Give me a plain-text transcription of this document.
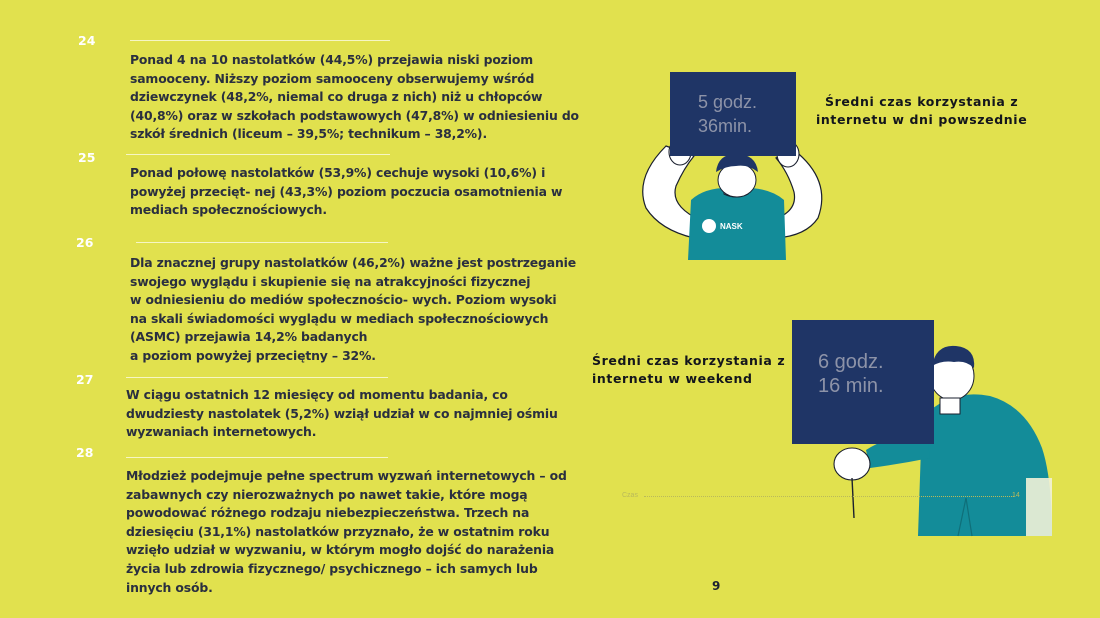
24
Ponad 4 na 10 nastolatków (44,5%) przejawia niski poziom
samooceny. Niższy poziom samooceny obserwujemy wśród
dziewczynek (48,2%, niemal co druga z nich) niż u chłopców
(40,8%) oraz w szkołach podstawowych (47,8%) w odniesieniu do
szkół średnich (liceum – 39,5%; technikum – 38,2%).
25
Ponad połowę nastolatków (53,9%) cechuje wysoki (10,6%) i
powyżej przecięt- nej (43,3%) poziom poczucia osamotnienia w
mediach społecznościowych.
26
Dla znacznej grupy nastolatków (46,2%) ważne jest postrzeganie
swojego wyglądu i skupienie się na atrakcyjności fizycznej
w odniesieniu do mediów społecznościo- wych. Poziom wysoki
na skali świadomości wyglądu w mediach społecznościowych
(ASMC) przejawia 14,2% badanych
a poziom powyżej przeciętny – 32%.
27
W ciągu ostatnich 12 miesięcy od momentu badania, co
dwudziesty nastolatek (5,2%) wziął udział w co najmniej ośmiu
wyzwaniach internetowych.
28
Młodzież podejmuje pełne spectrum wyzwań internetowych – od
zabawnych czy nierozważnych po nawet takie, które mogą
powodować różnego rodzaju niebezpieczeństwa. Trzech na
dziesięciu (31,1%) nastolatków przyznało, że w ostatnim roku
wzięło udział w wyzwaniu, w którym mogło dojść do narażenia
życia lub zdrowia fizycznego/ psychicznego – ich samych lub
innych osób.
NASK
5 godz.
36min.
Średni czas korzystania z
internetu w dni powszednie
Średni czas korzystania z
internetu w weekend
6 godz.
16 min.
Czas	14
9
